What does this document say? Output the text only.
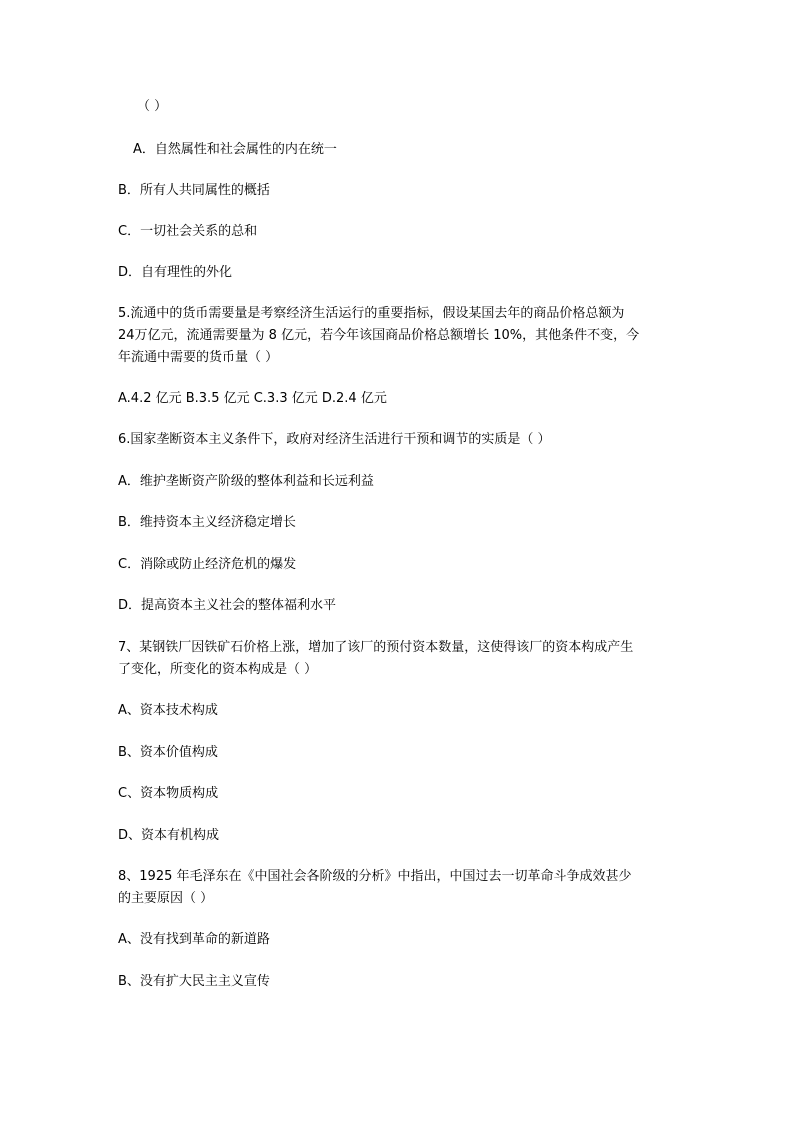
（ ）
A．自然属性和社会属性的内在统一
B．所有人共同属性的概括
C．一切社会关系的总和
D．自有理性的外化
5.流通中的货币需要量是考察经济生活运行的重要指标，假设某国去年的商品价格总额为
24万亿元，流通需要量为 8 亿元，若今年该国商品价格总额增长 10%，其他条件不变，今
年流通中需要的货币量（ ）
A.4.2 亿元 B.3.5 亿元 C.3.3 亿元 D.2.4 亿元
6.国家垄断资本主义条件下，政府对经济生活进行干预和调节的实质是（ ）
A．维护垄断资产阶级的整体利益和长远利益
B．维持资本主义经济稳定增长
C．消除或防止经济危机的爆发
D．提高资本主义社会的整体福利水平
7、某钢铁厂因铁矿石价格上涨，增加了该厂的预付资本数量，这使得该厂的资本构成产生
了变化，所变化的资本构成是（ ）
A、资本技术构成
B、资本价值构成
C、资本物质构成
D、资本有机构成
8、1925 年毛泽东在《中国社会各阶级的分析》中指出，中国过去一切革命斗争成效甚少
的主要原因（ ）
A、没有找到革命的新道路
B、没有扩大民主主义宣传
